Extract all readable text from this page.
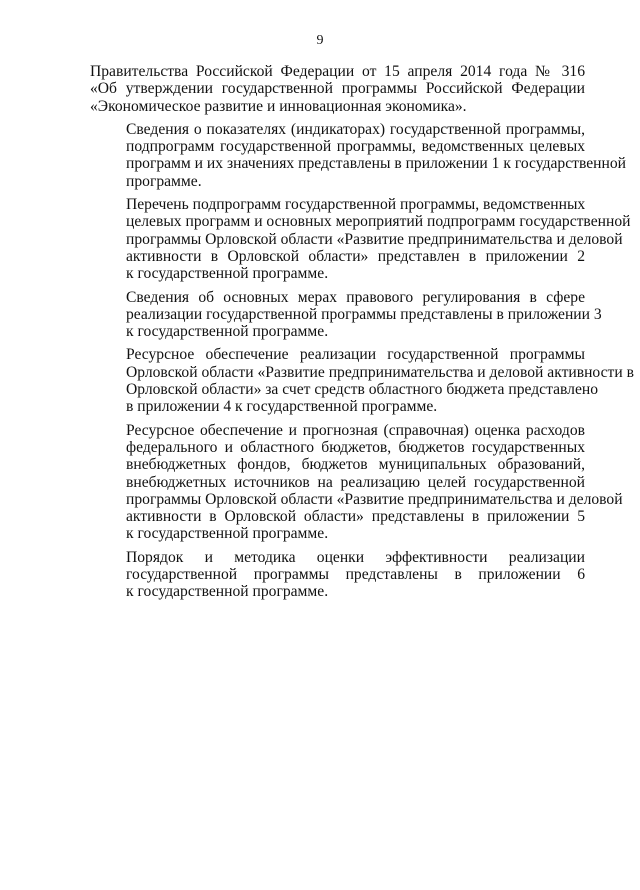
9
Правительства Российской Федерации от 15 апреля 2014 года № 316
«Об утверждении государственной программы Российской Федерации
«Экономическое развитие и инновационная экономика».
Сведения о показателях (индикаторах) государственной программы,
подпрограмм государственной программы, ведомственных целевых
программ и их значениях представлены в приложении 1 к государственной
программе.
Перечень подпрограмм государственной программы, ведомственных
целевых программ и основных мероприятий подпрограмм государственной
программы Орловской области «Развитие предпринимательства и деловой
активности в Орловской области» представлен в приложении 2
к государственной программе.
Сведения об основных мерах правового регулирования в сфере
реализации государственной программы представлены в приложении 3
к государственной программе.
Ресурсное обеспечение реализации государственной программы
Орловской области «Развитие предпринимательства и деловой активности в
Орловской области» за счет средств областного бюджета представлено
в приложении 4 к государственной программе.
Ресурсное обеспечение и прогнозная (справочная) оценка расходов
федерального и областного бюджетов, бюджетов государственных
внебюджетных фондов, бюджетов муниципальных образований,
внебюджетных источников на реализацию целей государственной
программы Орловской области «Развитие предпринимательства и деловой
активности в Орловской области» представлены в приложении 5
к государственной программе.
Порядок и методика оценки эффективности реализации
государственной программы представлены в приложении 6
к государственной программе.
